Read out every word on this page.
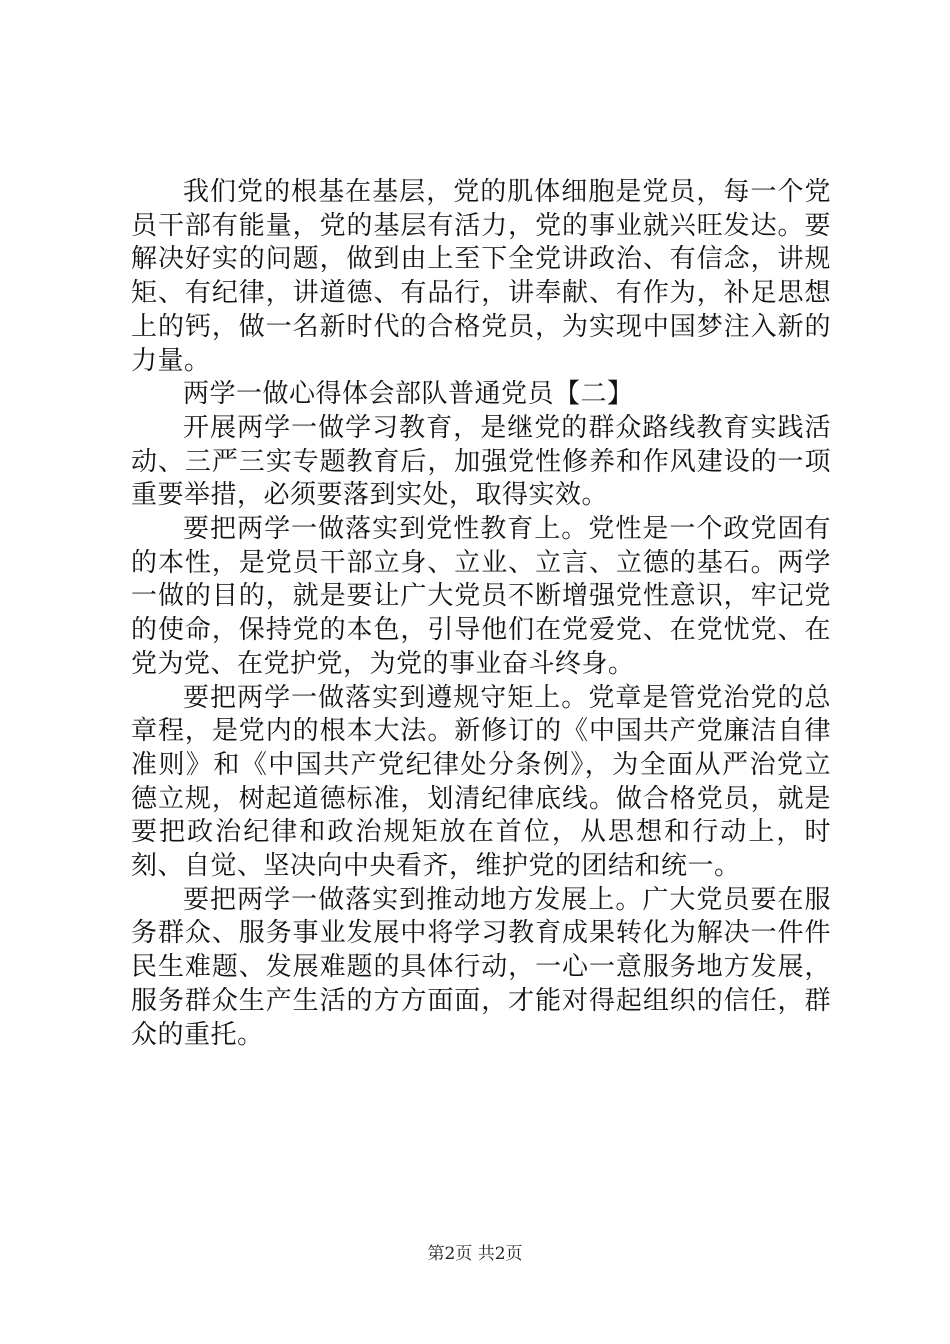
我们党的根基在基层，党的肌体细胞是党员，每一个党员干部有能量，党的基层有活力，党的事业就兴旺发达。要解决好实的问题，做到由上至下全党讲政治、有信念，讲规矩、有纪律，讲道德、有品行，讲奉献、有作为，补足思想上的钙，做一名新时代的合格党员，为实现中国梦注入新的力量。

两学一做心得体会部队普通党员【二】

开展两学一做学习教育，是继党的群众路线教育实践活动、三严三实专题教育后，加强党性修养和作风建设的一项重要举措，必须要落到实处，取得实效。

要把两学一做落实到党性教育上。党性是一个政党固有的本性，是党员干部立身、立业、立言、立德的基石。两学一做的目的，就是要让广大党员不断增强党性意识，牢记党的使命，保持党的本色，引导他们在党爱党、在党忧党、在党为党、在党护党，为党的事业奋斗终身。

要把两学一做落实到遵规守矩上。党章是管党治党的总章程，是党内的根本大法。新修订的《中国共产党廉洁自律准则》和《中国共产党纪律处分条例》，为全面从严治党立德立规，树起道德标准，划清纪律底线。做合格党员，就是要把政治纪律和政治规矩放在首位，从思想和行动上，时刻、自觉、坚决向中央看齐，维护党的团结和统一。

要把两学一做落实到推动地方发展上。广大党员要在服务群众、服务事业发展中将学习教育成果转化为解决一件件民生难题、发展难题的具体行动，一心一意服务地方发展，服务群众生产生活的方方面面，才能对得起组织的信任，群众的重托。

第2页 共2页
